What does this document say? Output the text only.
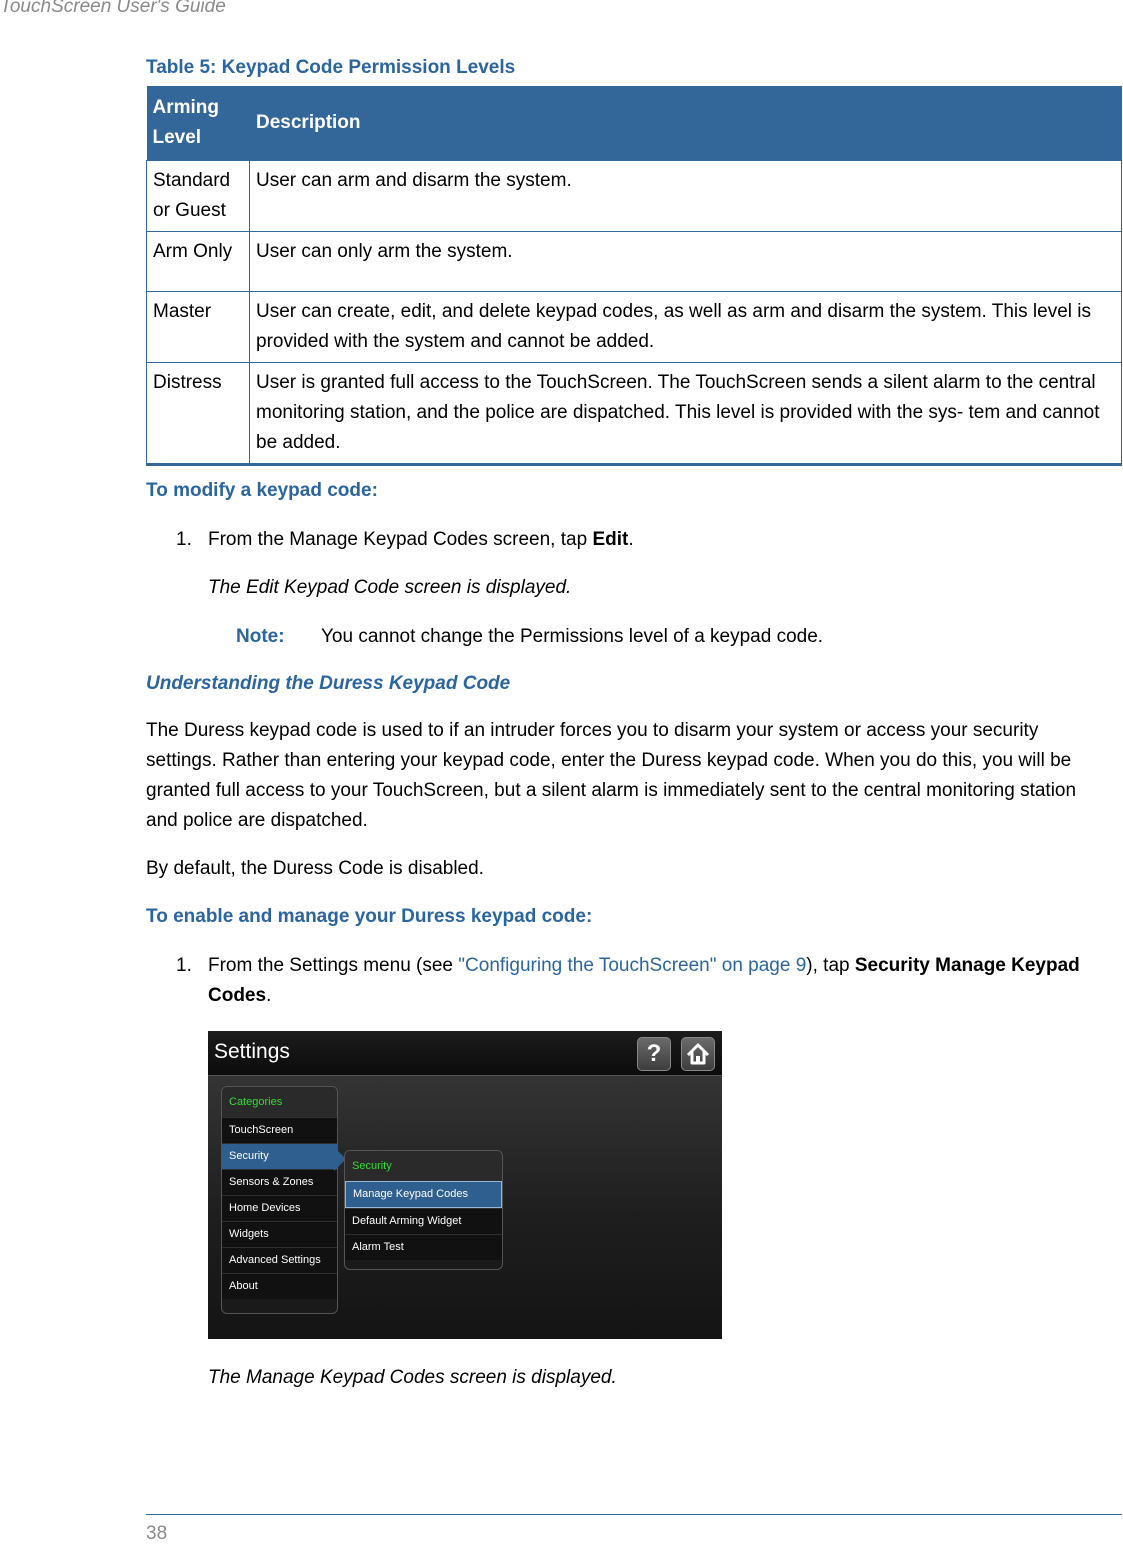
TouchScreen User's Guide
Table 5: Keypad Code Permission Levels
Arming Level	Description
Standard or Guest	User can arm and disarm the system.
Arm Only	User can only arm the system.
Master	User can create, edit, and delete keypad codes, as well as arm and disarm the system. This level is provided with the system and cannot be added.
Distress	User is granted full access to the TouchScreen. The TouchScreen sends a silent alarm to the central monitoring station, and the police are dispatched. This level is provided with the sys- tem and cannot be added.
To modify a keypad code:
1. From the Manage Keypad Codes screen, tap Edit.
The Edit Keypad Code screen is displayed.
Note: You cannot change the Permissions level of a keypad code.
Understanding the Duress Keypad Code
The Duress keypad code is used to if an intruder forces you to disarm your system or access your security settings. Rather than entering your keypad code, enter the Duress keypad code. When you do this, you will be granted full access to your TouchScreen, but a silent alarm is immediately sent to the central monitoring station and police are dispatched.
By default, the Duress Code is disabled.
To enable and manage your Duress keypad code:
1. From the Settings menu (see "Configuring the TouchScreen" on page 9), tap Security Manage Keypad Codes.
Settings	?
Categories
TouchScreen
Security
Sensors & Zones
Home Devices
Widgets
Advanced Settings
About
Security
Manage Keypad Codes
Default Arming Widget
Alarm Test
The Manage Keypad Codes screen is displayed.
38
